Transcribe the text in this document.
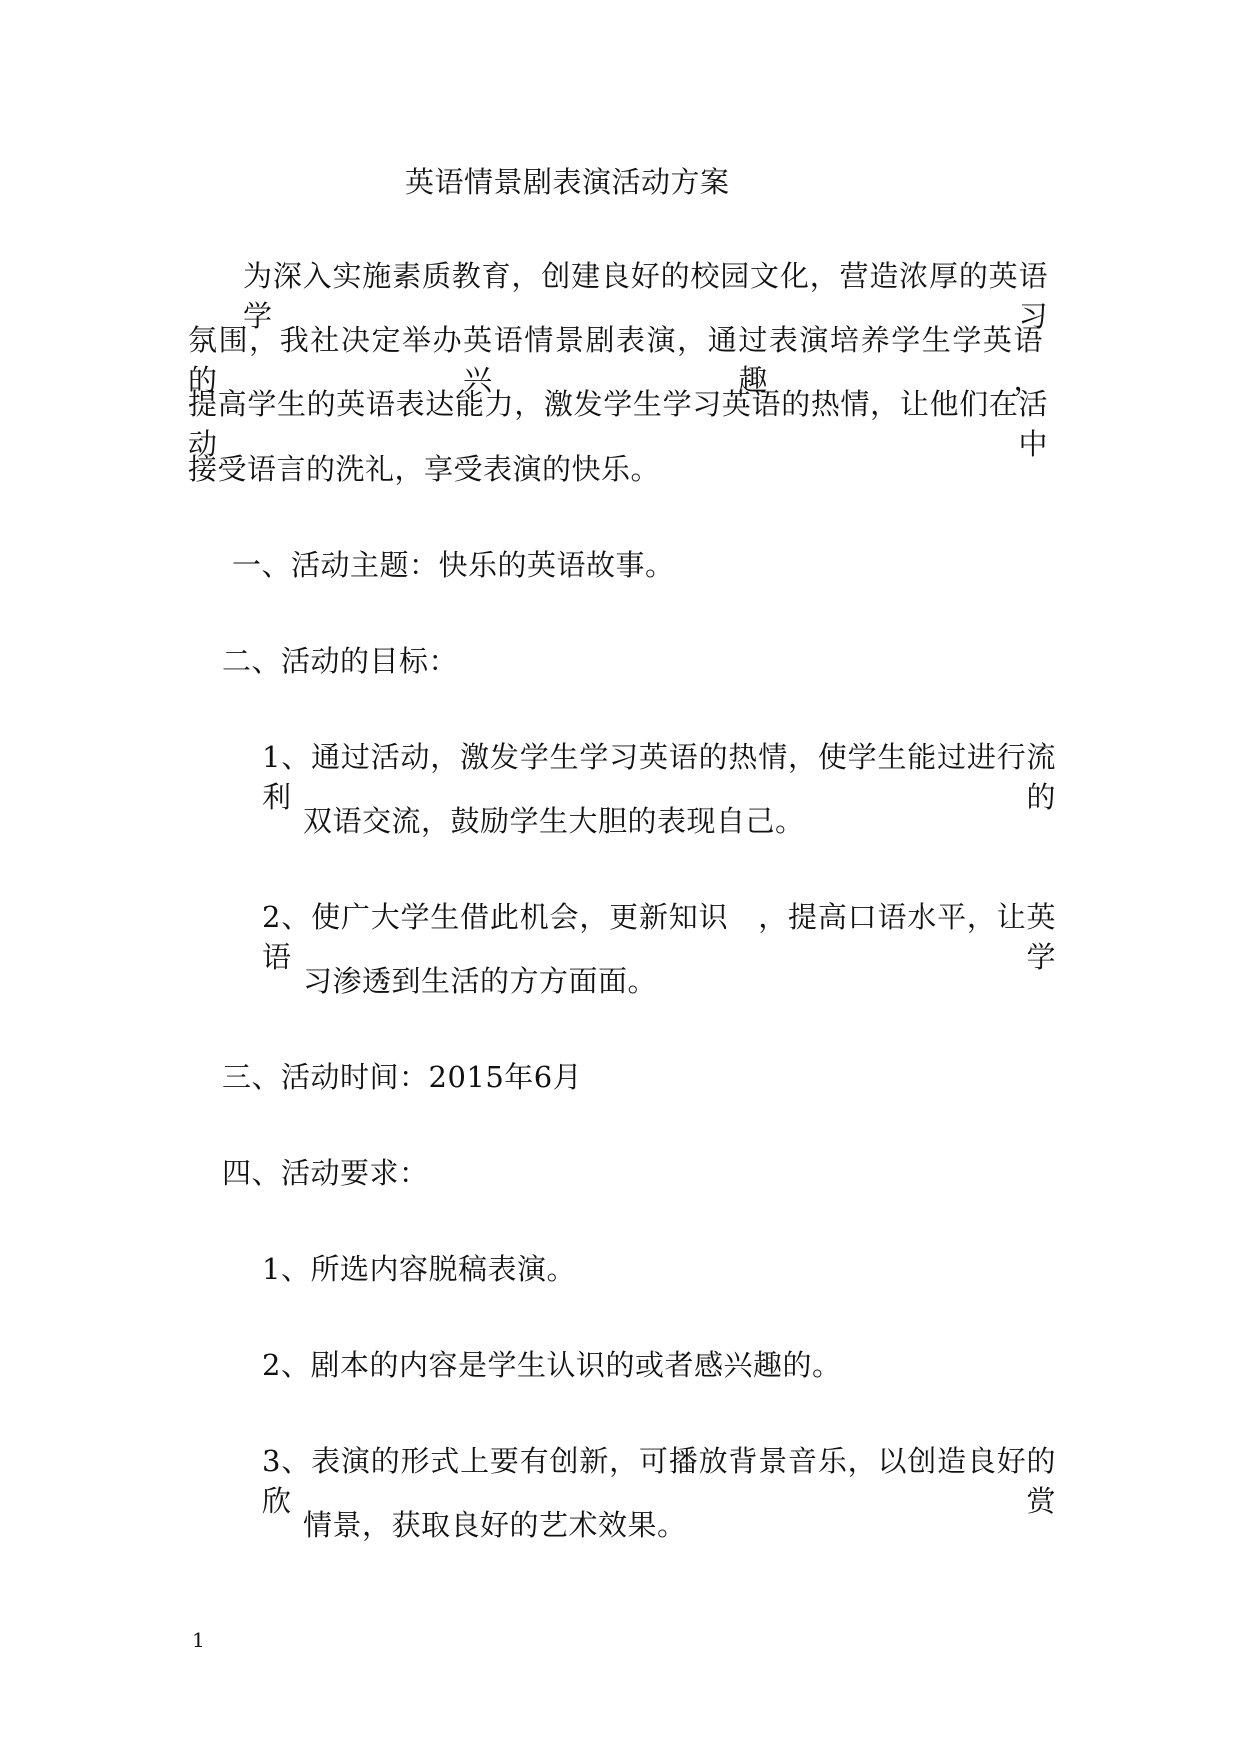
英语情景剧表演活动方案
为深入实施素质教育，创建良好的校园文化，营造浓厚的英语学习
氛围，我社决定举办英语情景剧表演，通过表演培养学生学英语的兴趣，
提高学生的英语表达能力，激发学生学习英语的热情，让他们在活动中
接受语言的洗礼，享受表演的快乐。
一、活动主题：快乐的英语故事。
二、活动的目标：
1、通过活动，激发学生学习英语的热情，使学生能过进行流利的
双语交流，鼓励学生大胆的表现自己。
2、使广大学生借此机会，更新知识　，提高口语水平，让英语学
习渗透到生活的方方面面。
三、活动时间：2015年6月
四、活动要求：
1、所选内容脱稿表演。
2、剧本的内容是学生认识的或者感兴趣的。
3、表演的形式上要有创新，可播放背景音乐，以创造良好的欣赏
情景，获取良好的艺术效果。
1
